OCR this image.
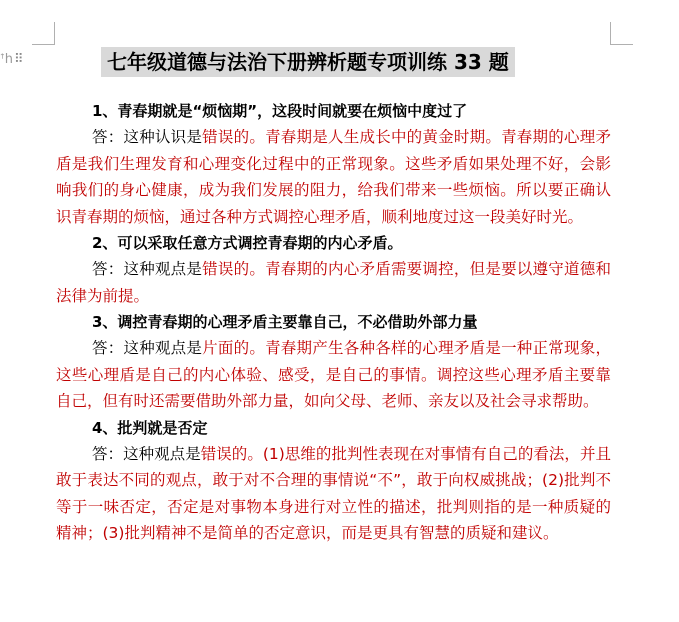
ꜛh ⠿	七年级道德与法治下册辨析题专项训练 33 题
1、青春期就是“烦恼期”，这段时间就要在烦恼中度过了
答：这种认识是错误的。青春期是人生成长中的黄金时期。青春期的心理矛盾是我们生理发育和心理变化过程中的正常现象。这些矛盾如果处理不好，会影响我们的身心健康，成为我们发展的阻力，给我们带来一些烦恼。所以要正确认识青春期的烦恼，通过各种方式调控心理矛盾，顺利地度过这一段美好时光。
2、可以采取任意方式调控青春期的内心矛盾。
答：这种观点是错误的。青春期的内心矛盾需要调控，但是要以遵守道德和法律为前提。
3、调控青春期的心理矛盾主要靠自己，不必借助外部力量
答：这种观点是片面的。青春期产生各种各样的心理矛盾是一种正常现象，这些心理盾是自己的内心体验、感受，是自己的事情。调控这些心理矛盾主要靠自己，但有时还需要借助外部力量，如向父母、老师、亲友以及社会寻求帮助。
4、批判就是否定
答：这种观点是错误的。(1)思维的批判性表现在对事情有自己的看法，并且敢于表达不同的观点，敢于对不合理的事情说“不”，敢于向权威挑战；(2)批判不等于一味否定，否定是对事物本身进行对立性的描述，批判则指的是一种质疑的精神；(3)批判精神不是简单的否定意识，而是更具有智慧的质疑和建议。
